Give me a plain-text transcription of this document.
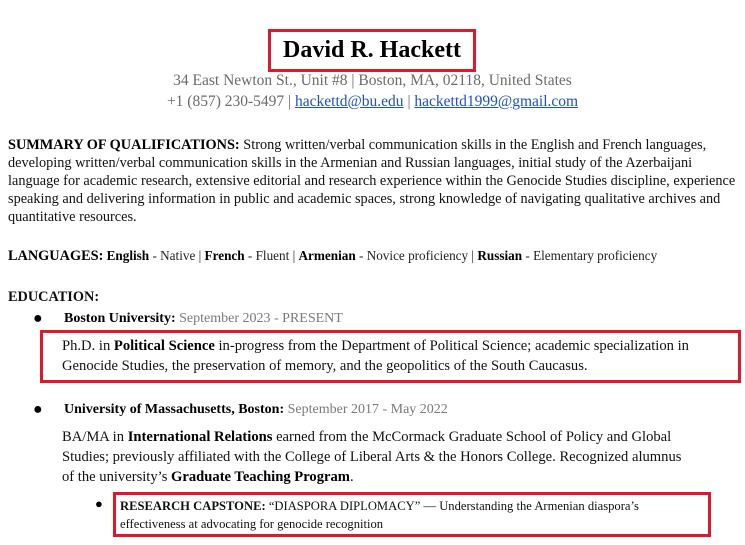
David R. Hackett
34 East Newton St., Unit #8 | Boston, MA, 02118, United States
+1 (857) 230-5497 | hackettd@bu.edu | hackettd1999@gmail.com
SUMMARY OF QUALIFICATIONS: Strong written/verbal communication skills in the English and French languages, developing written/verbal communication skills in the Armenian and Russian languages, initial study of the Azerbaijani language for academic research, extensive editorial and research experience within the Genocide Studies discipline, experience speaking and delivering information in public and academic spaces, strong knowledge of navigating qualitative archives and quantitative resources.
LANGUAGES: English - Native | French - Fluent | Armenian - Novice proficiency | Russian - Elementary proficiency
EDUCATION:
● Boston University: September 2023 - PRESENT
Ph.D. in Political Science in-progress from the Department of Political Science; academic specialization in
Genocide Studies, the preservation of memory, and the geopolitics of the South Caucasus.
● University of Massachusetts, Boston: September 2017 - May 2022
BA/MA in International Relations earned from the McCormack Graduate School of Policy and Global
Studies; previously affiliated with the College of Liberal Arts & the Honors College. Recognized alumnus
of the university’s Graduate Teaching Program.
● RESEARCH CAPSTONE: “DIASPORA DIPLOMACY” — Understanding the Armenian diaspora’s
effectiveness at advocating for genocide recognition
